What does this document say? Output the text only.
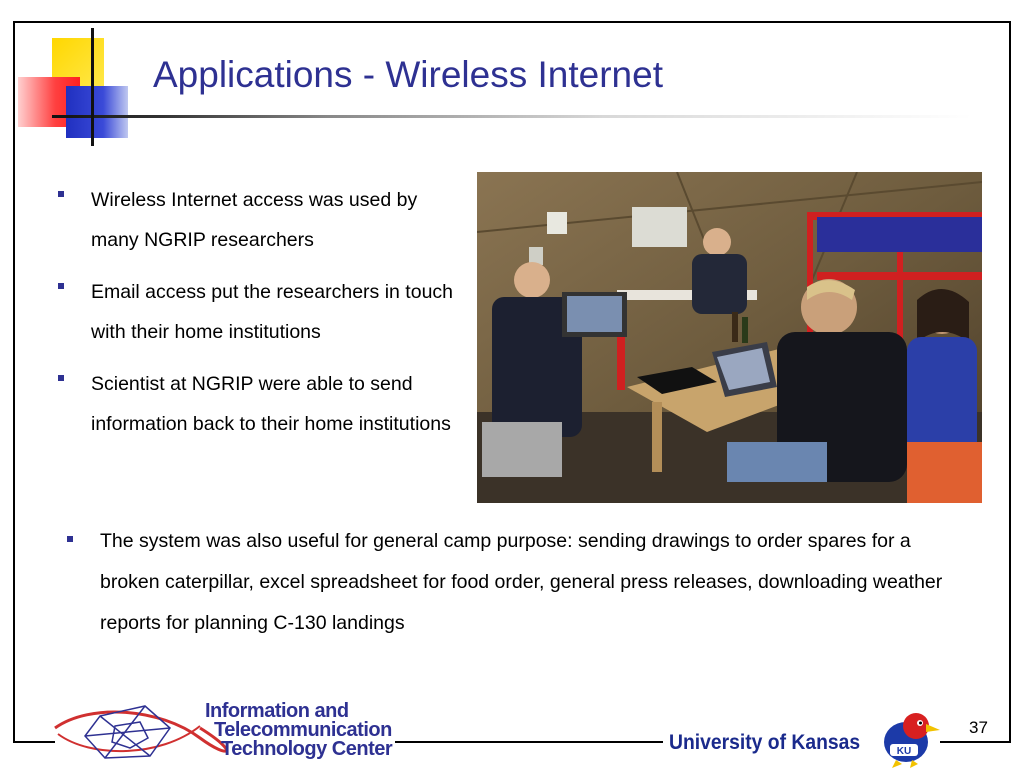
Applications - Wireless Internet
Wireless Internet access was used by many NGRIP researchers
Email access put the researchers in touch with their home institutions
Scientist at NGRIP were able to send information back to their home institutions
The system was also useful for general camp purpose: sending drawings to order spares for a broken caterpillar, excel spreadsheet for food order, general press releases, downloading weather reports for planning C-130 landings
Information and
Telecommunication
Technology Center	University of Kansas	KU
37
